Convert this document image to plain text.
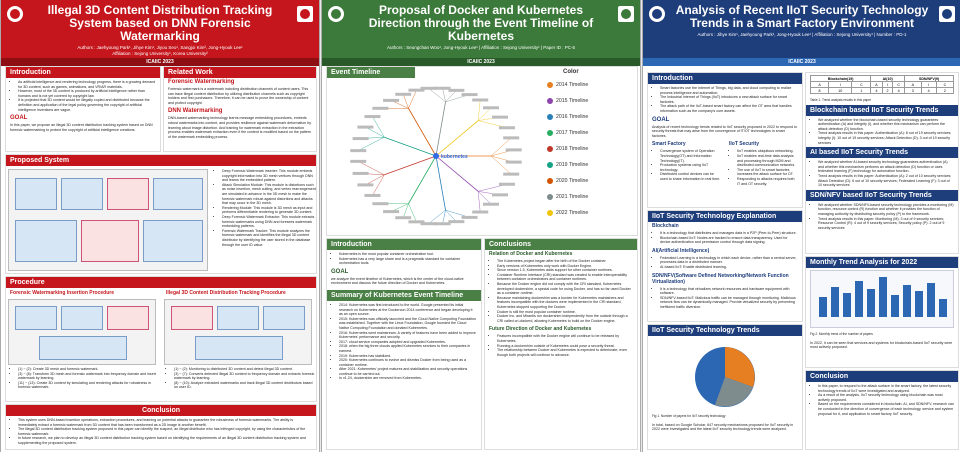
Illegal 3D Content Distribution Tracking System based on DNN Forensic Watermarking
Authors : Jaehyoung Park¹, Jihye Kim¹, Jiyou Seo¹, Sangjoi Kim², Jong-Hyouk Lee¹
Affiliation : Sejong University¹, Korea University²
ICAIIC 2023
Introduction
• As artificial intelligence and rendering technology progress, there is a growing demand for 3D content, such as games, animations, and VR/AR materials.
• However, most of the 3D content is produced by artificial intelligence rather than humans and is not yet covered by copyright law.
• It is projected that 3D content would be illegally copied and distributed because the definition and application of the legal policy governing the copyright of artificial intelligence inventions are vague.
GOAL
In this paper, we propose an illegal 3D content distribution tracking system based on DNN forensic watermarking to protect the copyright of artificial intelligence creations.
Related Work
Forensic Watermarking
Forensic watermark is a watermark including distribution channels of content users. This can trace illegal content distribution by utilizing distribution channels such as copyright holders and first purchasers. Therefore, it can be used to prove the ownership of content and protect copyright.
DNN Watermarking
DNN-based watermarking technology learns message embedding procedures, embeds robust watermarks into content, and provides resilience against watermark deformation by learning about image distortion. And training for watermark extraction in the extraction process enables watermark extraction even if the content is modified based on the pattern of the watermark embedding process.
Proposed System
• Deep Forensic Watermark Inserter: This module embeds copyright information into 3D mesh vertices through DNN and learns the embedded pattern.
• Attack Simulation Module: This module is distortions such as noise insertion, mesh cutting, and vertex rearrangement are simulated in advance in the 3D mesh to make the forensic watermark robust against distortions and attacks that may occur in the 3D mesh.
• Rendering Module: This module is 3D mesh as input and performs differentiable rendering to generate 3D content.
• Deep Forensic Watermark Extractor: This module extracts forensic watermarks using DNN and foresees watermark embedding patterns.
• Forensic Watermark Tracker: This module analyzes the forensic watermark and identifies the illegal 3D content distributor by identifying the user stored in the database through the user ID value.
Procedure
Forensic Watermarking Insertion Procedure	Illegal 3D Content Distribution Tracking Procedure
• (1) ~ (2): Create 3D mesh and forensic watermark.
• (3) ~ (8): Transform 3D mesh and forensic watermark into frequency domain and insert watermark by learning.
• (11) ~ (13): Create 3D content by simulating and rendering attacks for robustness in forensic watermark.
• (1) ~ (2): Monitoring to distributed 3D content and detect illegal 3D content.
• (3) ~ (7): Converts detected illegal 3D content to frequency domain and extracts forensic watermark by learning.
• (8) ~ (10): Analyze extracted watermarks and track illegal 3D content distributors based on user ID.
Conclusion
• This system uses DNN-based insertion operations, extraction procedures, and learning on potential attacks to guarantee the robustness of forensic watermarks. The ability is immediately extract a forensic watermark from 3D content that has been transformed as a 2D image is another benefit.
• The illegal 3D content distribution tracking system proposed in this paper can identify the suspect, an illegal distributor who has infringed copyright, by using the characteristics of the forensic watermark.
• In future research, we plan to develop an illegal 3D content distribution tracking system based on identifying the requirements of an illegal 3D content distribution tracking system and supplementing the proposed system.
Proposal of Docker and Kubernetes Direction through the Event Timeline of Kubernetes
Authors : Seungchan Woo¹, Jong-Hyouk Lee¹ | Affiliation : Sejong University¹ | Paper ID : PC-5
ICAIIC 2023
Event Timeline
kubernetes
Color
2014 Timeline
2015 Timeline
2016 Timeline
2017 Timeline
2018 Timeline
2019 Timeline
2020 Timeline
2021 Timeline
2022 Timeline
Introduction
• Kubernetes is the most popular container orchestration tool.
• Kubernetes has a very large share and is a pragmatic standard for container orchestration tools.
GOAL
we analyze the event timeline of Kubernetes, which is the center of the cloud-native environment and discuss the future direction of Docker and Kubernetes.
Summary of Kubernetes Event Timeline
• 2014: Kubernetes was first introduced to the world. Google presented its initial research on Kubernetes at the Dockercon 2014 conference and began developing it as an open source.
• 2015: Kubernetes was officially launched and the Cloud Native Computing Foundation was established. Together with the Linux Foundation, Google founded the Cloud Native Computing Foundation and donated Kubernetes.
• 2016: Kubernetes went mainstream. A variety of features have been added to improve Kubernetes' performance and security.
• 2017: cloud service companies adopted and upgraded Kubernetes.
• 2018: when the big three clouds applied Kubernetes services to their companies in earnest.
• 2019: Kubernetes has stabilized.
• 2020: Kubernetes continues to evolve and dismiss Docker from being used as a container runtime.
• After 2021: Kubernetes' project matures and stabilization and security operations continue to be carried out.
• In v1.24, dockershim are removed from Kubernetes.
Conclusions
Relation of Docker and Kubernetes
• The Kubernetes project began after the birth of the Docker container.
• Early versions of Kubernetes only work with Docker Engine.
• Since version 1.5, Kubernetes adds support for other container runtimes.
• Container Runtime Interface (CRI) standard was created to enable interoperability between container orchestrators and container runtimes.
• Because the Docker engine did not comply with the CRI standard, Kubernetes developed dockershim, a special code for using Docker, and has so far used Docker as a container runtime.
• Because maintaining dockershim was a burden for Kubernetes maintainers and features incompatible with the dockers were implemented in the CRI standard, Kubernetes stopped supporting the Docker.
• Docker is still the most popular container runtime.
• Docker Inc. and Mirantis run dockershim independently from the outside through a CRI called cri-dockerd, allowing Kubernetes to build on the Docker engine.
Future Direction of Docker and Kubernetes
• Features incompatible with the Docker engine will continue to be released by Kubernetes.
• Running a dockershim outside of Kubernetes could pose a security threat.
• The relationship between Docker and Kubernetes is expected to deteriorate, even though both projects will continue to advance.
Analysis of Recent IIoT Security Technology Trends in a Smart Factory Environment
Authors : Jihye Kim¹, Jaehyoung Park¹, Jong-Hyouk Lee¹ | Affiliation : Sejong University¹ | Number : PD-1
ICAIIC 2023
Introduction
• Smart factories use the Internet of Things, big data, and cloud computing to realize process intelligence and automation.
• The Industrial Internet of Things (IIoT) introduces a new attack surface for smart factories.
• The attack path of the IIoT-based smart factory can affect the OT area that handles information such as the company's core assets.
GOAL
Analysis of recent technology trends related to IIoT security proposed in 2022 to respond to security threats that may arise from the convergence of IT/OT technologies in smart factories.
Smart Factory
• Convergence system of Operation Technology(OT) and Information Technology(IT).
• Production systems using IIoT technology.
• Distributed control devices can be used to share information in real time.
IIoT Security
• IIoT enables ubiquitous networking.
• IIoT enables real-time data analysis and processing through M2M and distributed communication networks.
• The use of IIoT in smart factories increases the attack surface for OT.
• Responding to attacks requires both IT and OT security.
IIoT Security Technology Explanation
Blockchain
• It is a technology that distributes and manages data in a P2P (Peer-to-Peer) structure.
• Blockchain-based IIoT: Nodes are tracked to ensure data transparency. Used for device authentication and permission control through data signing.
AI(Artificial Intelligence)
• Federated Learning is a technology in which each device, rather than a central server, processes data in a distributed manner.
• AI-based IIoT: Enable distributed learning.
SDN/NFV(Software Defined Networking/Network Function Virtualization)
• It is a technology that virtualizes network resources and hardware equipment with software.
• SDN/NFV-based IIoT: Malicious traffic can be managed through monitoring. Malicious network flow can be dynamically managed. Provide virtualized security by preventing inefficient traffic diversion.
IIoT Security Technology Trends
Fig 1. Number of papers for IIoT security technology
In total, based on Google Scholar, 647 security mechanisms proposed for IIoT security in 2022 were investigated and the latest IIoT security technology trends were analyzed.
Blockchain(19)			AI(10)			SDN/NFV(9)		
A	I	C	A	I	C	A	I	C
8	10	1	4	2	4	3	4	2
Table 1. Trend analysis results in this paper
Blockchain based IIoT Security Trends
• We analyzed whether the blockchain-based security technology guarantees authentication (A) and integrity (I), and whether this mechanism can perform the attack detection (D) function.
• Trend analysis results in this paper: Authentication (A): 8 out of 19 security services; Integrity (I): 10 out of 19 security services; Attack Detection (D): 3 out of 19 security services
AI based IIoT Security Trends
• We analyzed whether AI-based security technology guarantees authentication (A) and whether this mechanism performs an attack detection (D) function or uses federated learning (F) technology for automation function.
• Trend analysis results in this paper: Authentication (A): 2 out of 10 security services; Attack Detection (D): 6 out of 10 security services; Federated Learning (F): 3 out of 10 security services
SDN/NFV based IIoT Security Trends
• We analyzed whether SDN/NFV-based security technology provides a monitoring (M) function, resource control (R) function and whether it provides the function of managing authority by distributing security policy (P) to the framework.
• Trend analysis results in this paper: Monitoring (M): 3 out of 9 security services; Resource Control (R): 4 out of 9 security services; Security policy (P): 2 out of 9 security services
Monthly Trend Analysis for 2022
Fig 2. Monthly trend of the number of papers
In 2022, it can be seen that services and systems for blockchain-based IIoT security were most actively proposed.
Conclusion
• In this paper, to respond to the attack surface in the smart factory, the latest security technology trends of IIoT were investigated and analyzed.
• As a result of the analysis, IIoT security technology using blockchain was most actively proposed.
• Based on the requirements considered in blockchain, AI, and SDN/NFV, research can be conducted in the direction of convergence of each technology, service and system proposal for it, and application to smart factory IIoT security.
